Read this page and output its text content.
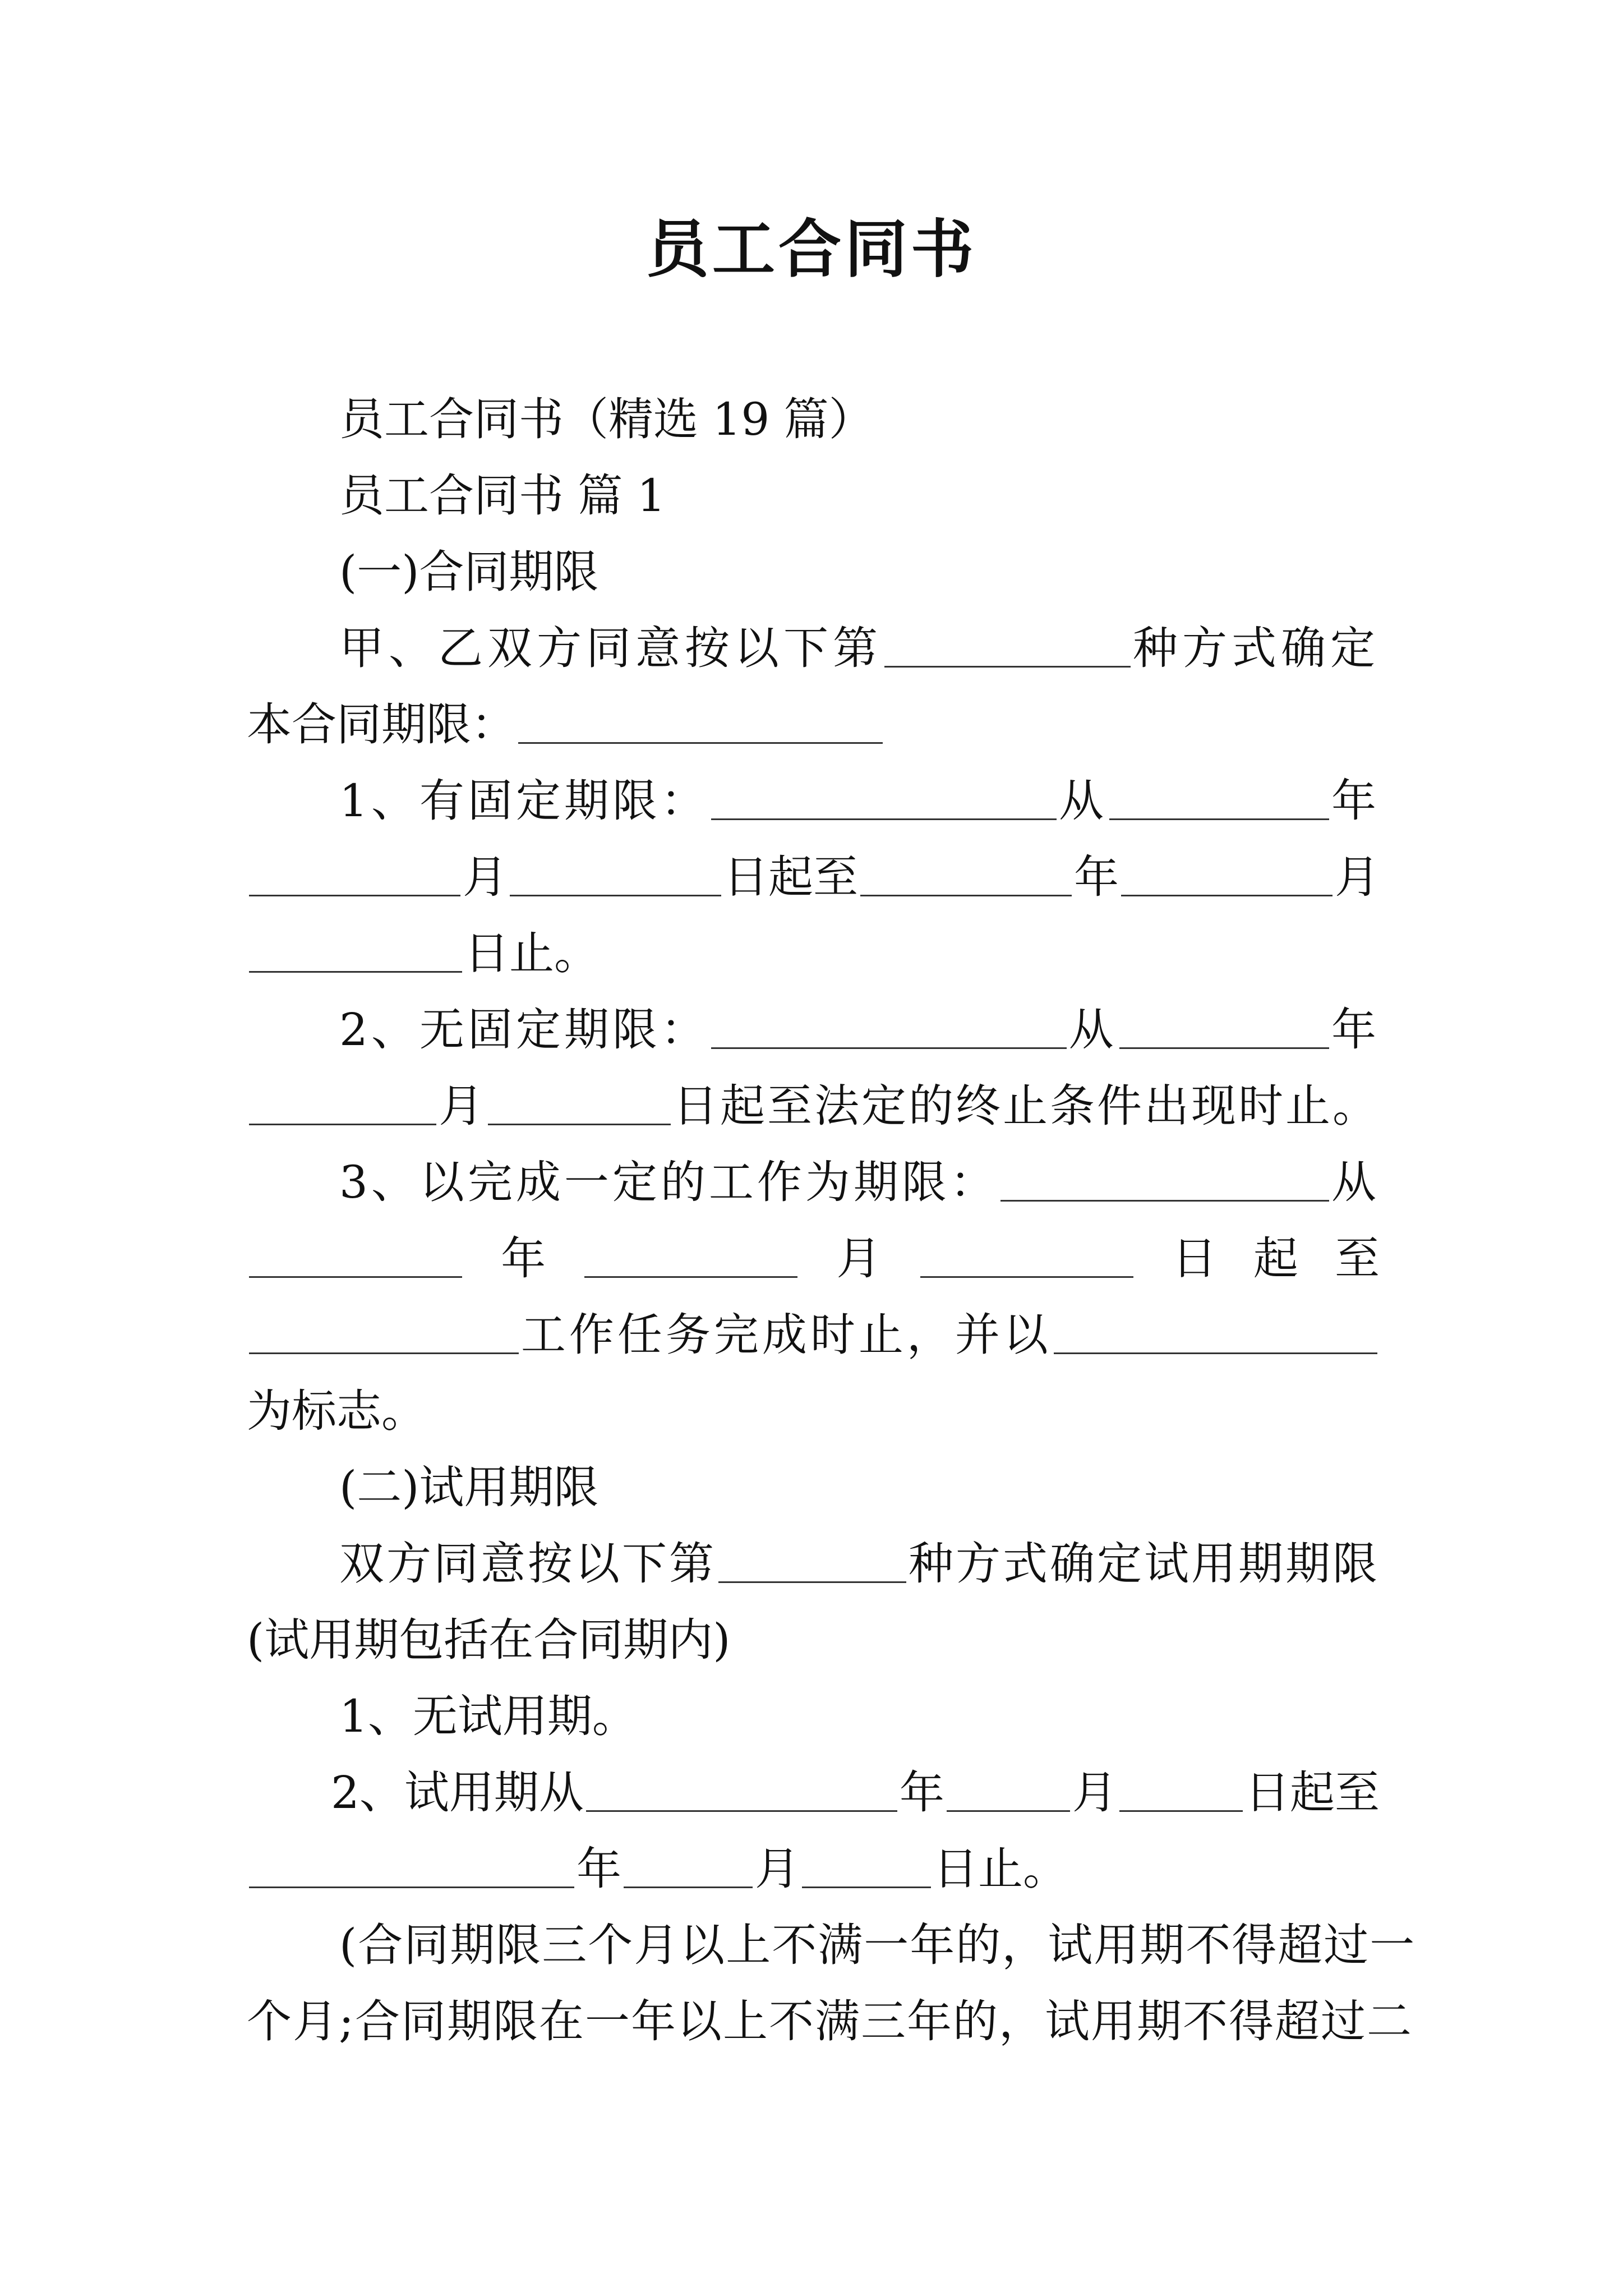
员工合同书
员工合同书（精选 19 篇）
员工合同书 篇 1
(一)合同期限
甲、乙双方同意按以下第	种方式确定
本合同期限：
1、有固定期限：	从	年
月	日起至	年	月
日止。
2、无固定期限：	从	年
月	日起至法定的终止条件出现时止。
3、以完成一定的工作为期限：	从
年	月	日 起 至
工作任务完成时止，并以
为标志。
(二)试用期限
双方同意按以下第	种方式确定试用期期限
(试用期包括在合同期内)
1、无试用期。
2、试用期从	年	月	日起至
年	月	日止。
(合同期限三个月以上不满一年的，试用期不得超过一
个月;合同期限在一年以上不满三年的，试用期不得超过二
